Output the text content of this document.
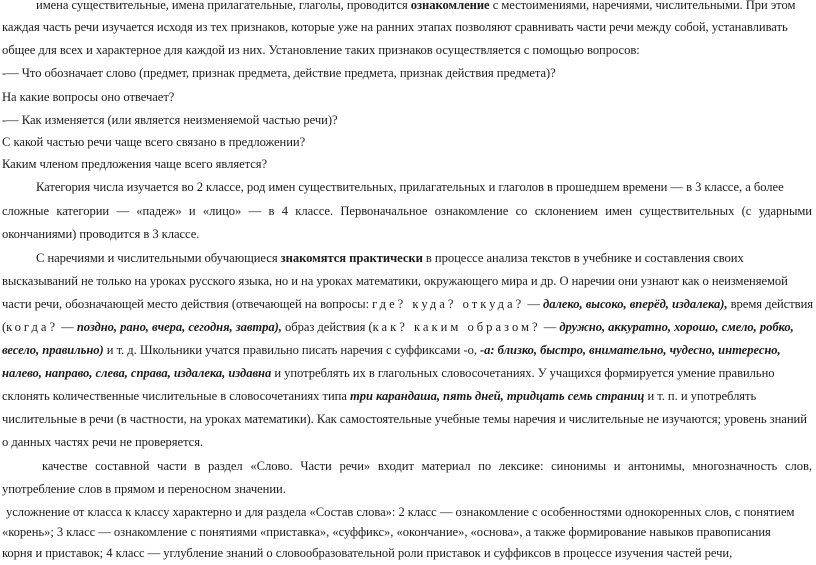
имена существительные, имена прилагательные, глаголы, проводится ознакомление с местоимениями, наречиями, числительными. При этом
каждая часть речи изучается исходя из тех признаков, которые уже на ранних этапах позволяют сравнивать части речи между собой, устанавливать
общее для всех и характерное для каждой из них. Установление таких признаков осуществляется с помощью вопросов:
-— Что обозначает слово (предмет, признак предмета, действие предмета, признак действия предмета)?
На какие вопросы оно отвечает?
-— Как изменяется (или является неизменяемой частью речи)?
С какой частью речи чаще всего связано в предложении?
Каким членом предложения чаще всего является?
Категория числа изучается во 2 классе, род имен существительных, прилагательных и глаголов в прошедшем времени — в 3 классе, а более
сложные категории — «падеж» и «лицо» — в 4 классе. Первоначальное ознакомление со склонением имен существительных (с ударными
окончаниями) проводится в 3 классе.
С наречиями и числительными обучающиеся знакомятся практически в процессе анализа текстов в учебнике и составления своих
высказываний не только на уроках русского языка, но и на уроках математики, окружающего мира и др. О наречии они узнают как о неизменяемой
части речи, обозначающей место действия (отвечающей на вопросы: где? куда? откуда? — далеко, высоко, вперёд, издалека), время действия
(когда? — поздно, рано, вчера, сегодня, завтра), образ действия (как? каким образом? — дружно, аккуратно, хорошо, смело, робко,
весело, правильно) и т. д. Школьники учатся правильно писать наречия с суффиксами -о, -а: близко, быстро, внимательно, чудесно, интересно,
налево, направо, слева, справа, издалека, издавна и употреблять их в глагольных словосочетаниях. У учащихся формируется умение правильно
склонять количественные числительные в словосочетаниях типа три карандаша, пять дней, тридцать семь страниц и т. п. и употреблять
числительные в речи (в частности, на уроках математики). Как самостоятельные учебные темы наречия и числительные не изучаются; уровень знаний
о данных частях речи не проверяется.
качестве составной части в раздел «Слово. Части речи» входит материал по лексике: синонимы и антонимы, многозначность слов,
употребление слов в прямом и переносном значении.
усложнение от класса к классу характерно и для раздела «Состав слова»: 2 класс — ознакомление с особенностями однокоренных слов, с понятием
«корень»; 3 класс — ознакомление с понятиями «приставка», «суффикс», «окончание», «основа», а также формирование навыков правописания
корня и приставок; 4 класс — углубление знаний о словообразовательной роли приставок и суффиксов в процессе изучения частей речи,
